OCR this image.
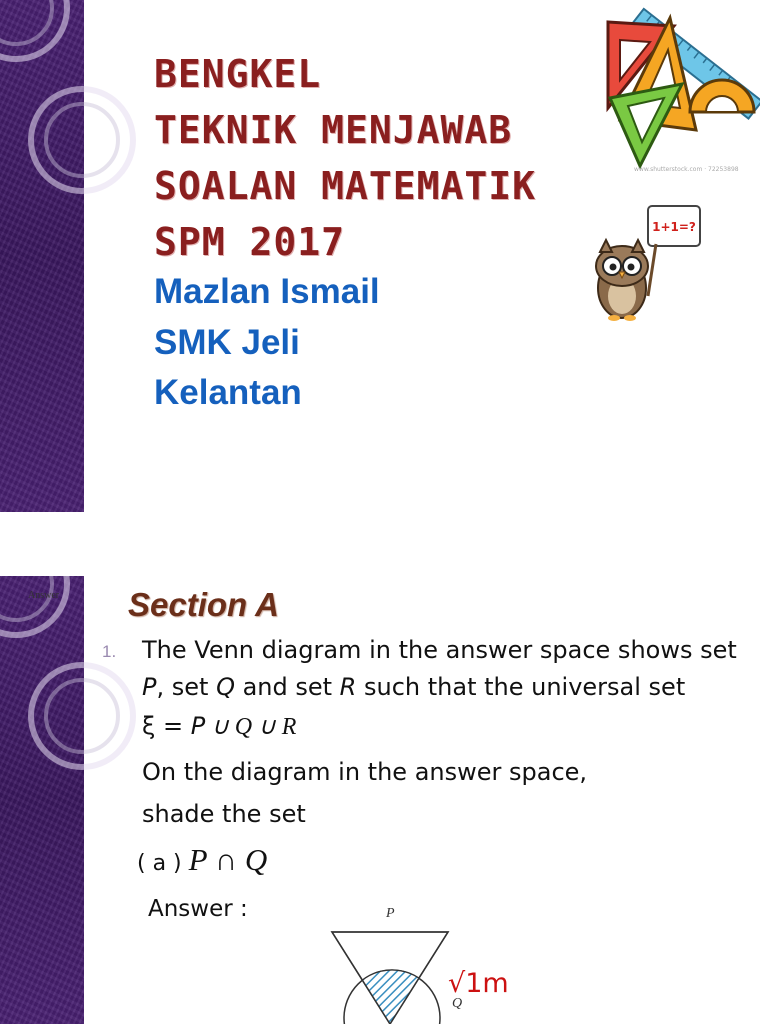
BENGKEL
TEKNIK MENJAWAB
SOALAN MATEMATIK
SPM 2017
Mazlan Ismail
SMK Jeli
Kelantan
www.shutterstock.com · 72253898
1+1=?
Answer Section A
1. The Venn diagram in the answer space shows set
P, set Q and set R such that the universal set
ξ = P ∪ Q ∪ R
On the diagram in the answer space,
shade the set
( a ) P ∩ Q
Answer :	P
Q
√1m
